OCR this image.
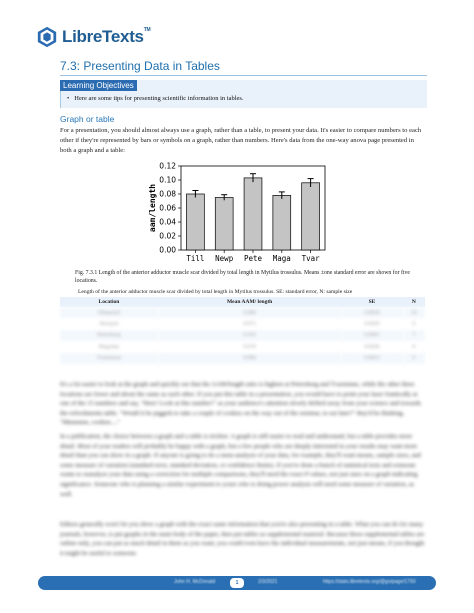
LibreTexts™
7.3: Presenting Data in Tables
Learning Objectives
• Here are some tips for presenting scientific information in tables.
Graph or table

For a presentation, you should almost always use a graph, rather than a table, to present your data. It's easier to compare numbers to each other if they're represented by bars or symbols on a graph, rather than numbers. Here's data from the one-way anova page presented in both a graph and a table:

0.00
0.02
0.04
0.06
0.08
0.10
0.12
aam/length
Till Newp Pete Maga Tvar

Fig. 7.3.1 Length of the anterior adductor muscle scar divided by total length in Mytilus trossulus. Means ±one standard error are shown for five locations.

Length of the anterior adductor muscle scar divided by total length in Mytilus trossulus. SE: standard error, N: sample size
Location	Mean AAM/ length	SE	N
Tillamook	0.080	0.0038	10
Newport	0.075	0.0030	8
Petersburg	0.103	0.0061	7
Magadan	0.078	0.0046	8
Tvarminne	0.096	0.0053	6

It's a lot easier to look at the graph and quickly see that the AAM/length ratio is highest at Petersburg and Tvarminne, while the other three locations are lower and about the same as each other. If you put this table in a presentation, you would have to point your laser frantically at one of the 15 numbers and say, "Here! Look at this number!" as your audience's attention slowly drifted away from your science and towards the refreshments table. "Would it be piggish to take a couple of cookies on the way out of the seminar, to eat later?" they'd be thinking. "Mmmmm, cookies...."

In a publication, the choice between a graph and a table is trickier. A graph is still easier to read and understand, but a table provides more detail. Most of your readers will probably be happy with a graph, but a few people who are deeply interested in your results may want more detail than you can show in a graph. If anyone is going to do a meta-analysis of your data, for example, they'll want means, sample sizes, and some measure of variation (standard error, standard deviation, or confidence limits). If you've done a bunch of statistical tests and someone wants to reanalyze your data using a correction for multiple comparisons, they'll need the exact P values, not just stars on a graph indicating significance. Someone who is planning a similar experiment to yours who is doing power analysis will need some measure of variation, as well.

Editors generally won't let you show a graph with the exact same information that you're also presenting in a table. What you can do for many journals, however, is put graphs in the main body of the paper, then put tables as supplemental material. Because these supplemental tables are online-only, you can put as much detail in them as you want; you could even have the individual measurements, not just means, if you thought it might be useful to someone.

John H. McDonald	1	2/3/2021	https://stats.libretexts.org/@go/page/1750
